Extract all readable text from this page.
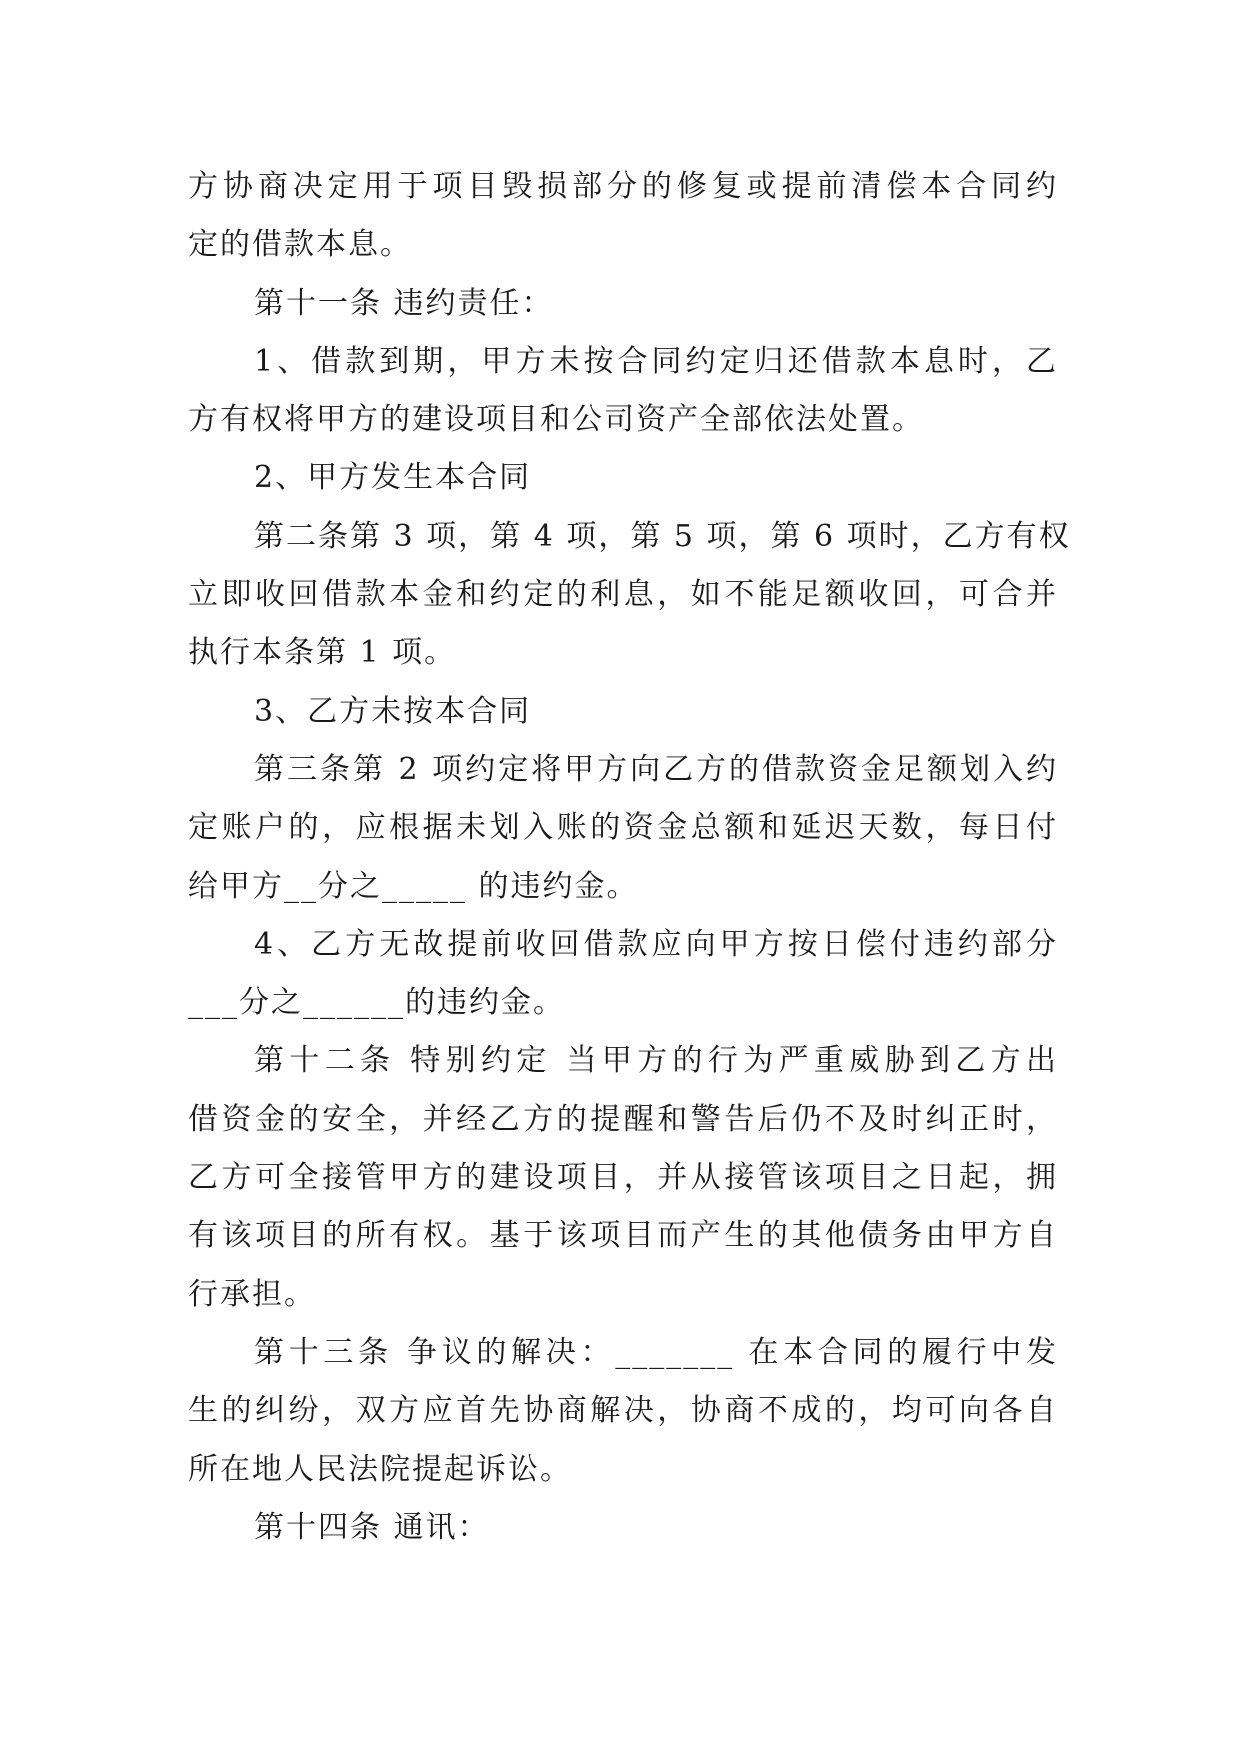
方协商决定用于项目毁损部分的修复或提前清偿本合同约
定的借款本息。
第十一条 违约责任：
1、借款到期，甲方未按合同约定归还借款本息时，乙
方有权将甲方的建设项目和公司资产全部依法处置。
2、甲方发生本合同
第二条第 3 项，第 4 项，第 5 项，第 6 项时，乙方有权
立即收回借款本金和约定的利息，如不能足额收回，可合并
执行本条第 1 项。
3、乙方未按本合同
第三条第 2 项约定将甲方向乙方的借款资金足额划入约
定账户的，应根据未划入账的资金总额和延迟天数，每日付
给甲方__分之_____ 的违约金。
4、乙方无故提前收回借款应向甲方按日偿付违约部分
___分之______的违约金。
第十二条 特别约定 当甲方的行为严重威胁到乙方出
借资金的安全，并经乙方的提醒和警告后仍不及时纠正时，
乙方可全接管甲方的建设项目，并从接管该项目之日起，拥
有该项目的所有权。基于该项目而产生的其他债务由甲方自
行承担。
第十三条 争议的解决：_______ 在本合同的履行中发
生的纠纷，双方应首先协商解决，协商不成的，均可向各自
所在地人民法院提起诉讼。
第十四条 通讯：
